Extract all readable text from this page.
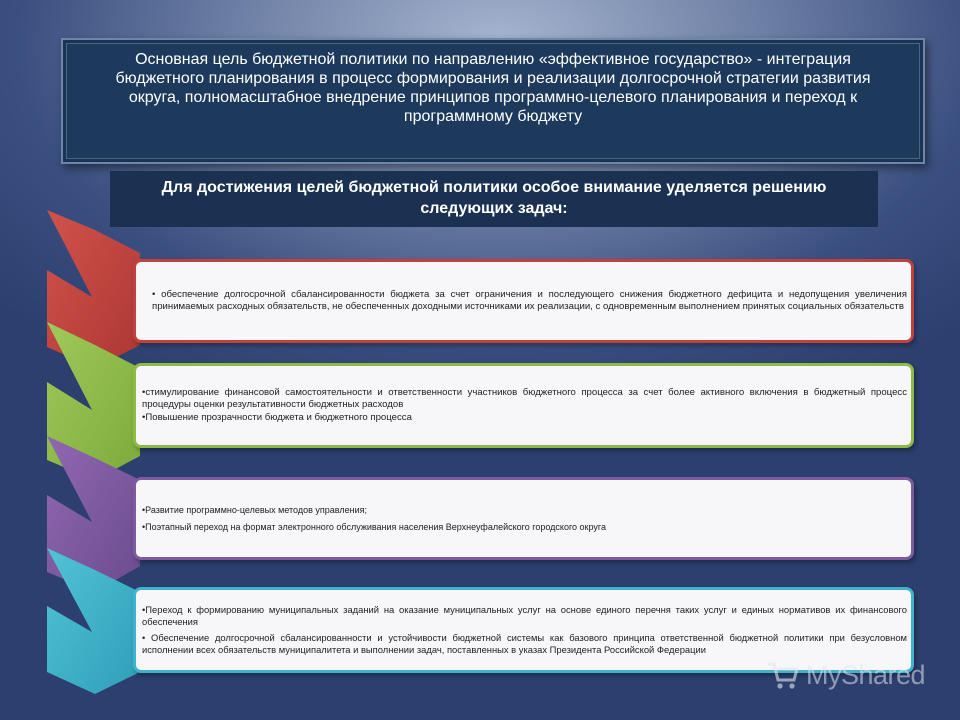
Основная цель бюджетной политики по направлению «эффективное государство» - интеграция бюджетного планирования в процесс формирования и реализации долгосрочной стратегии развития округа, полномасштабное внедрение принципов программно-целевого планирования и переход к программному бюджету
Для достижения целей бюджетной политики особое внимание уделяется решению следующих задач:

• обеспечение долгосрочной сбалансированности бюджета за счет ограничения и последующего снижения бюджетного дефицита и недопущения увеличения принимаемых расходных обязательств, не обеспеченных доходными источниками их реализации, с одновременным выполнением принятых социальных обязательств

•стимулирование финансовой самостоятельности и ответственности участников бюджетного процесса за счет более активного включения в бюджетный процесс процедуры оценки результативности бюджетных расходов

•Повышение прозрачности бюджета и бюджетного процесса

•Развитие программно-целевых методов управления;

•Поэтапный переход на формат электронного обслуживания населения Верхнеуфалейского городского округа

•Переход к формированию муниципальных заданий на оказание муниципальных услуг на основе единого перечня таких услуг и единых нормативов их финансового обеспечения

• Обеспечение долгосрочной сбалансированности и устойчивости бюджетной системы как базового принципа ответственной бюджетной политики при безусловном исполнении всех обязательств муниципалитета и выполнении задач, поставленных в указах Президента Российской Федерации

MyShared
